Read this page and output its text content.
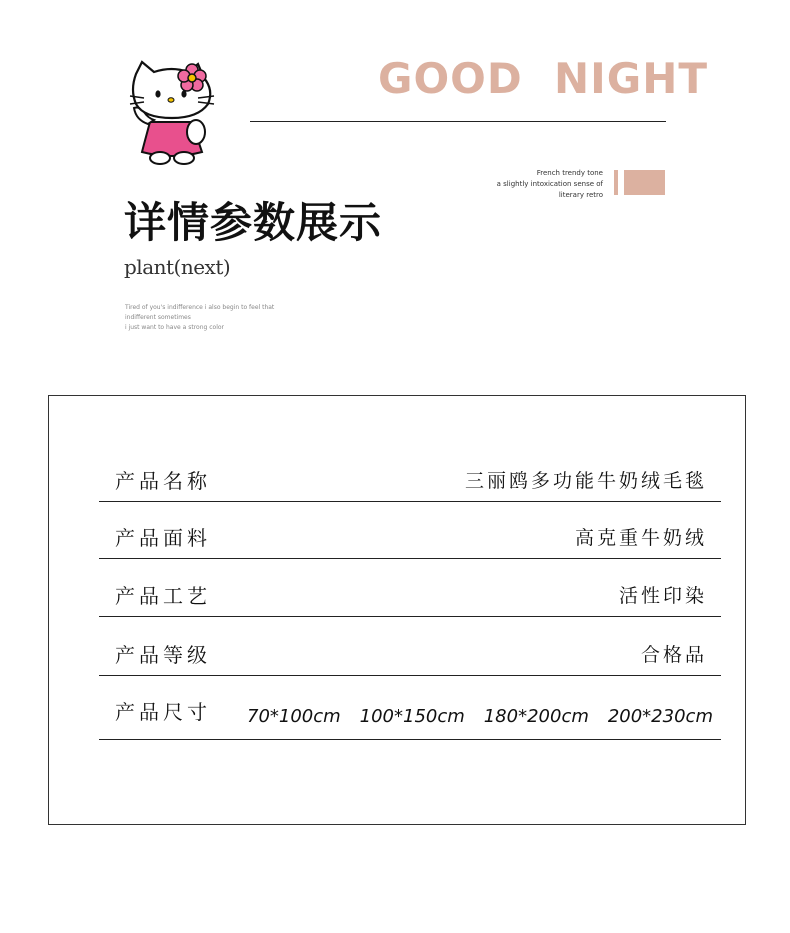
GOOD  NIGHT
French trendy tone
a slightly intoxication sense of
literary retro
详情参数展示
plant(next)
Tired of you's indifference i also begin to feel that
indifferent sometimes
i just want to have a strong color
产品名称	三丽鸥多功能牛奶绒毛毯
产品面料	高克重牛奶绒
产品工艺	活性印染
产品等级	合格品
产品尺寸 70*100cm 100*150cm 180*200cm 200*230cm
